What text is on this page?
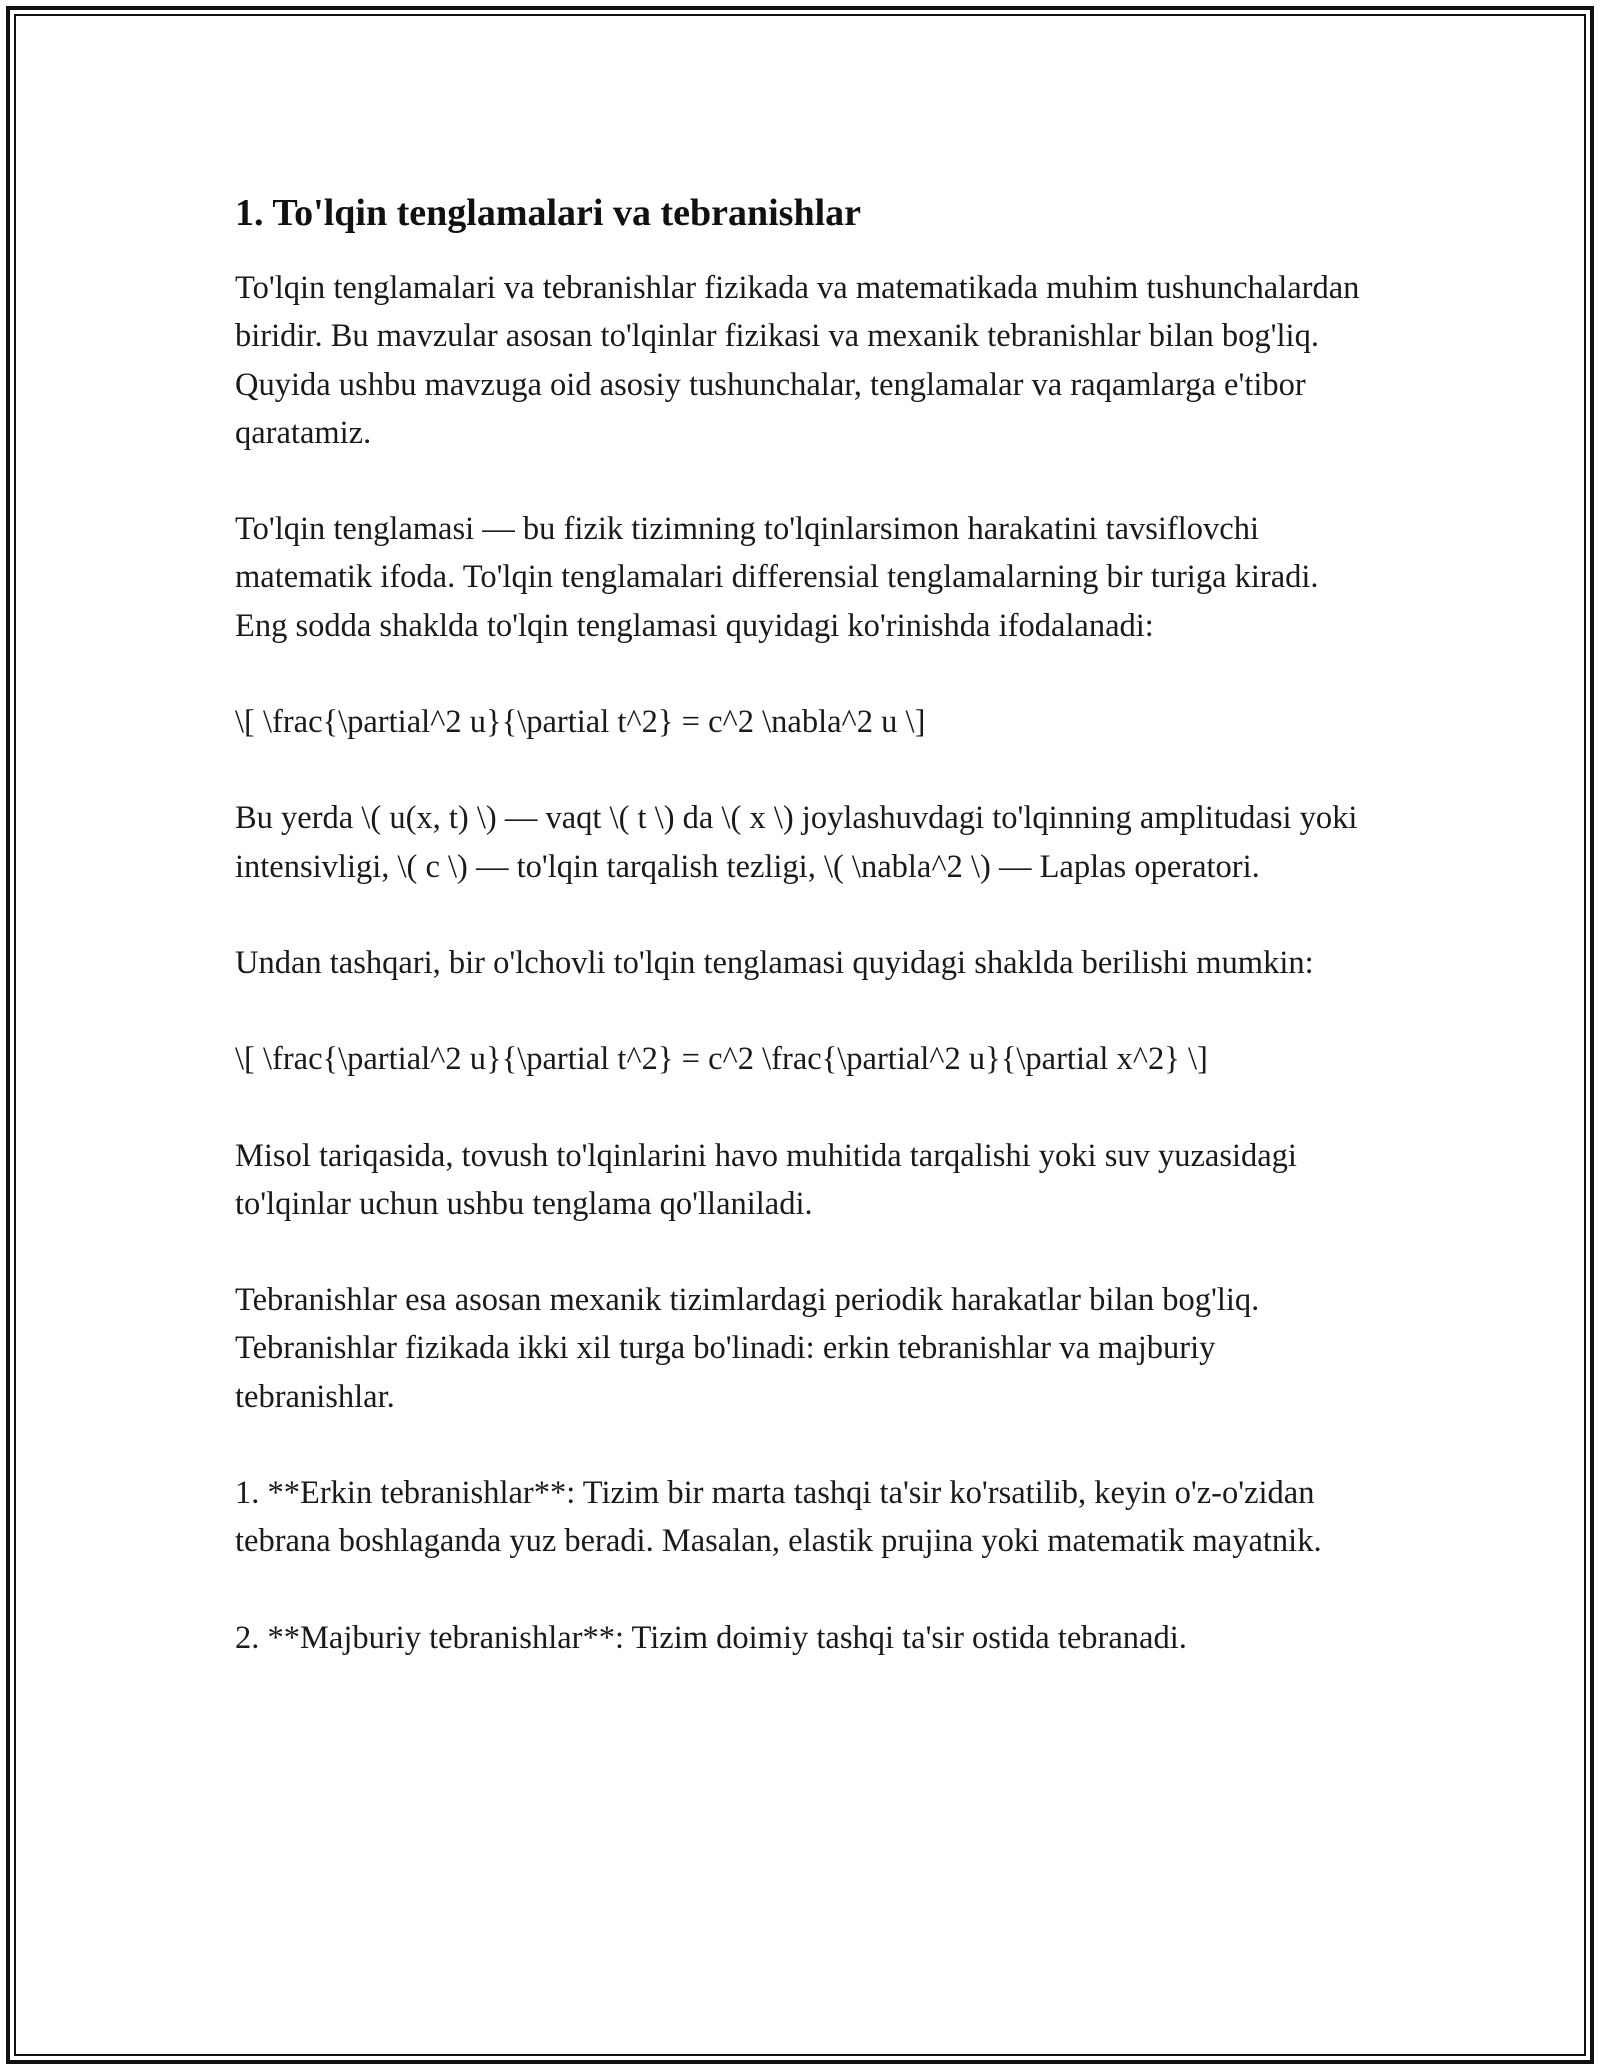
1. To'lqin tenglamalari va tebranishlar

To'lqin tenglamalari va tebranishlar fizikada va matematikada muhim tushunchalardan biridir. Bu mavzular asosan to'lqinlar fizikasi va mexanik tebranishlar bilan bog'liq. Quyida ushbu mavzuga oid asosiy tushunchalar, tenglamalar va raqamlarga e'tibor qaratamiz.

To'lqin tenglamasi — bu fizik tizimning to'lqinlarsimon harakatini tavsiflovchi matematik ifoda. To'lqin tenglamalari differensial tenglamalarning bir turiga kiradi. Eng sodda shaklda to'lqin tenglamasi quyidagi ko'rinishda ifodalanadi:

\[ \frac{\partial^2 u}{\partial t^2} = c^2 \nabla^2 u \]

Bu yerda \( u(x, t) \) — vaqt \( t \) da \( x \) joylashuvdagi to'lqinning amplitudasi yoki intensivligi, \( c \) — to'lqin tarqalish tezligi, \( \nabla^2 \) — Laplas operatori.

Undan tashqari, bir o'lchovli to'lqin tenglamasi quyidagi shaklda berilishi mumkin:

\[ \frac{\partial^2 u}{\partial t^2} = c^2 \frac{\partial^2 u}{\partial x^2} \]

Misol tariqasida, tovush to'lqinlarini havo muhitida tarqalishi yoki suv yuzasidagi to'lqinlar uchun ushbu tenglama qo'llaniladi.

Tebranishlar esa asosan mexanik tizimlardagi periodik harakatlar bilan bog'liq. Tebranishlar fizikada ikki xil turga bo'linadi: erkin tebranishlar va majburiy tebranishlar.

1. **Erkin tebranishlar**: Tizim bir marta tashqi ta'sir ko'rsatilib, keyin o'z-o'zidan tebrana boshlaganda yuz beradi. Masalan, elastik prujina yoki matematik mayatnik.

2. **Majburiy tebranishlar**: Tizim doimiy tashqi ta'sir ostida tebranadi.
